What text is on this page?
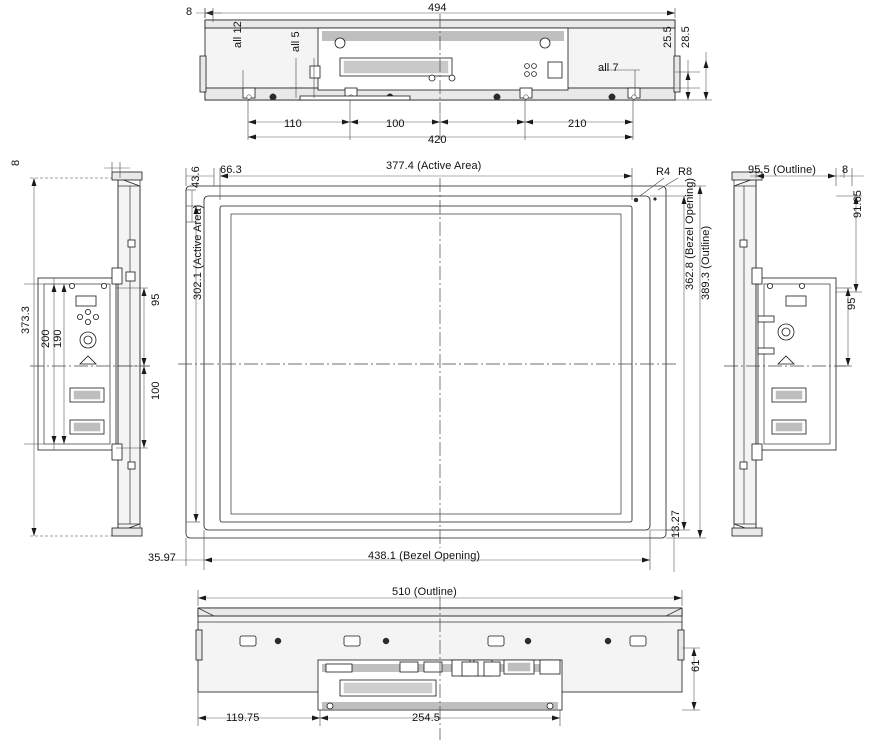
8	494
25.5 28.5
all 12	all 5
all 7
110	100	210
420
8
373.3
200 190
95
100
66.3	377.4 (Active Area)	R4 R8
43.6
302.1 (Active Area)	362.8 (Bezel Opening) 389.3 (Outline)
35.97	438.1 (Bezel Opening)
13.27
95.5 (Outline) 8
91.65
95
510 (Outline)
61
119.75	254.5
